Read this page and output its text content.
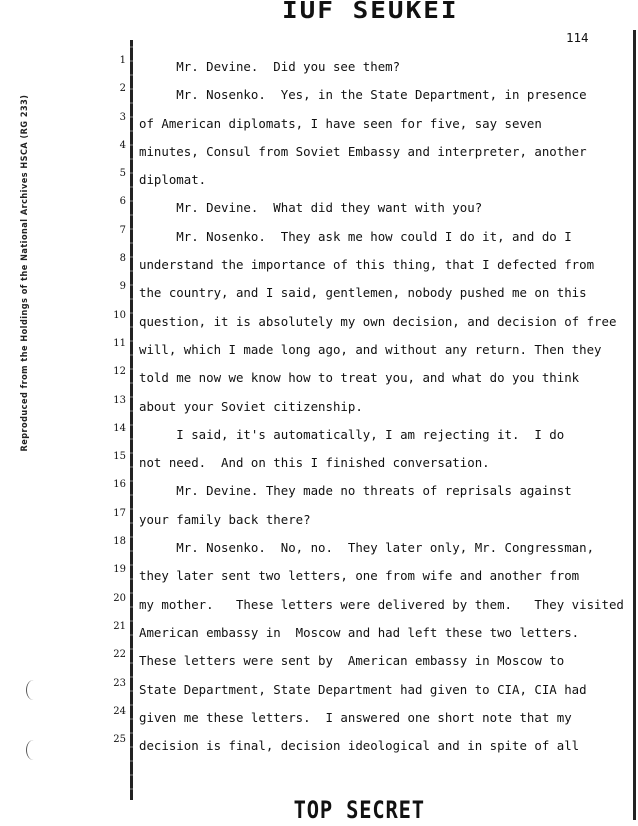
IUF SEUKEI
114
Reproduced from the Holdings of the National Archives HSCA (RG 233)
1
2
3
4
5
6
7
8
9
10
11
12
13
14
15
16
17
18
19
20
21
22
23
24
25
Mr. Devine.  Did you see them?
Mr. Nosenko.  Yes, in the State Department, in presence
of American diplomats, I have seen for five, say seven
minutes, Consul from Soviet Embassy and interpreter, another
diplomat.
Mr. Devine.  What did they want with you?
Mr. Nosenko.  They ask me how could I do it, and do I
understand the importance of this thing, that I defected from
the country, and I said, gentlemen, nobody pushed me on this
question, it is absolutely my own decision, and decision of free
will, which I made long ago, and without any return. Then they
told me now we know how to treat you, and what do you think
about your Soviet citizenship.
I said, it's automatically, I am rejecting it.  I do
not need.  And on this I finished conversation.
Mr. Devine. They made no threats of reprisals against
your family back there?
Mr. Nosenko.  No, no.  They later only, Mr. Congressman,
they later sent two letters, one from wife and another from
my mother.   These letters were delivered by them.   They visited
American embassy in  Moscow and had left these two letters.
These letters were sent by  American embassy in Moscow to
State Department, State Department had given to CIA, CIA had
given me these letters.  I answered one short note that my
decision is final, decision ideological and in spite of all
TOP SECRET
